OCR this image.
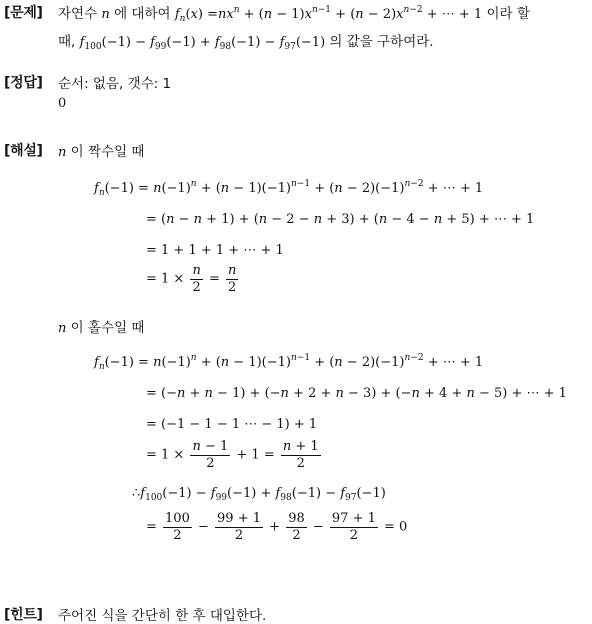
[문제] 자연수 n 에 대하여 $f_n(x) =nx^n + (n - 1)x^{n-1} + (n - 2)x^{n-2}$ + ⋯ + 1 이라 할
때, $f_{100}(-1) - f_{99}(-1) + f_{98}(-1) - f_{97}(-1)$ 의 값을 구하여라.
[정답] 순서: 없음, 갯수: 1
0
[해설] n 이 짝수일 때
$f_n(-1) = n(-1)^n + (n - 1)(-1)^{n-1} + (n - 2)(-1)^{n-2}$ + ⋯ + 1
= (n − n + 1) + (n − 2 − n + 3) + (n − 4 − n + 5) + ⋯ + 1
= 1 + 1 + 1 + ⋯ + 1
= $1 \times \frac{n}{2} = \frac{n}{2}$
n 이 홀수일 때
$f_n(-1) = n(-1)^n + (n - 1)(-1)^{n-1} + (n - 2)(-1)^{n-2}$ + ⋯ + 1
= (−n + n − 1) + (−n + 2 + n − 3) + (−n + 4 + n − 5) + ⋯ + 1
= (−1 − 1 − 1 ⋯ − 1) + 1
= $1 \times \frac{n - 1}{2} + 1 = \frac{n + 1}{2}$
$\therefore f_{100}(-1) - f_{99}(-1) + f_{98}(-1) - f_{97}(-1)$
= $\frac{100}{2} - \frac{99 + 1}{2} + \frac{98}{2} - \frac{97 + 1}{2} = 0$
[힌트] 주어진 식을 간단히 한 후 대입한다.
